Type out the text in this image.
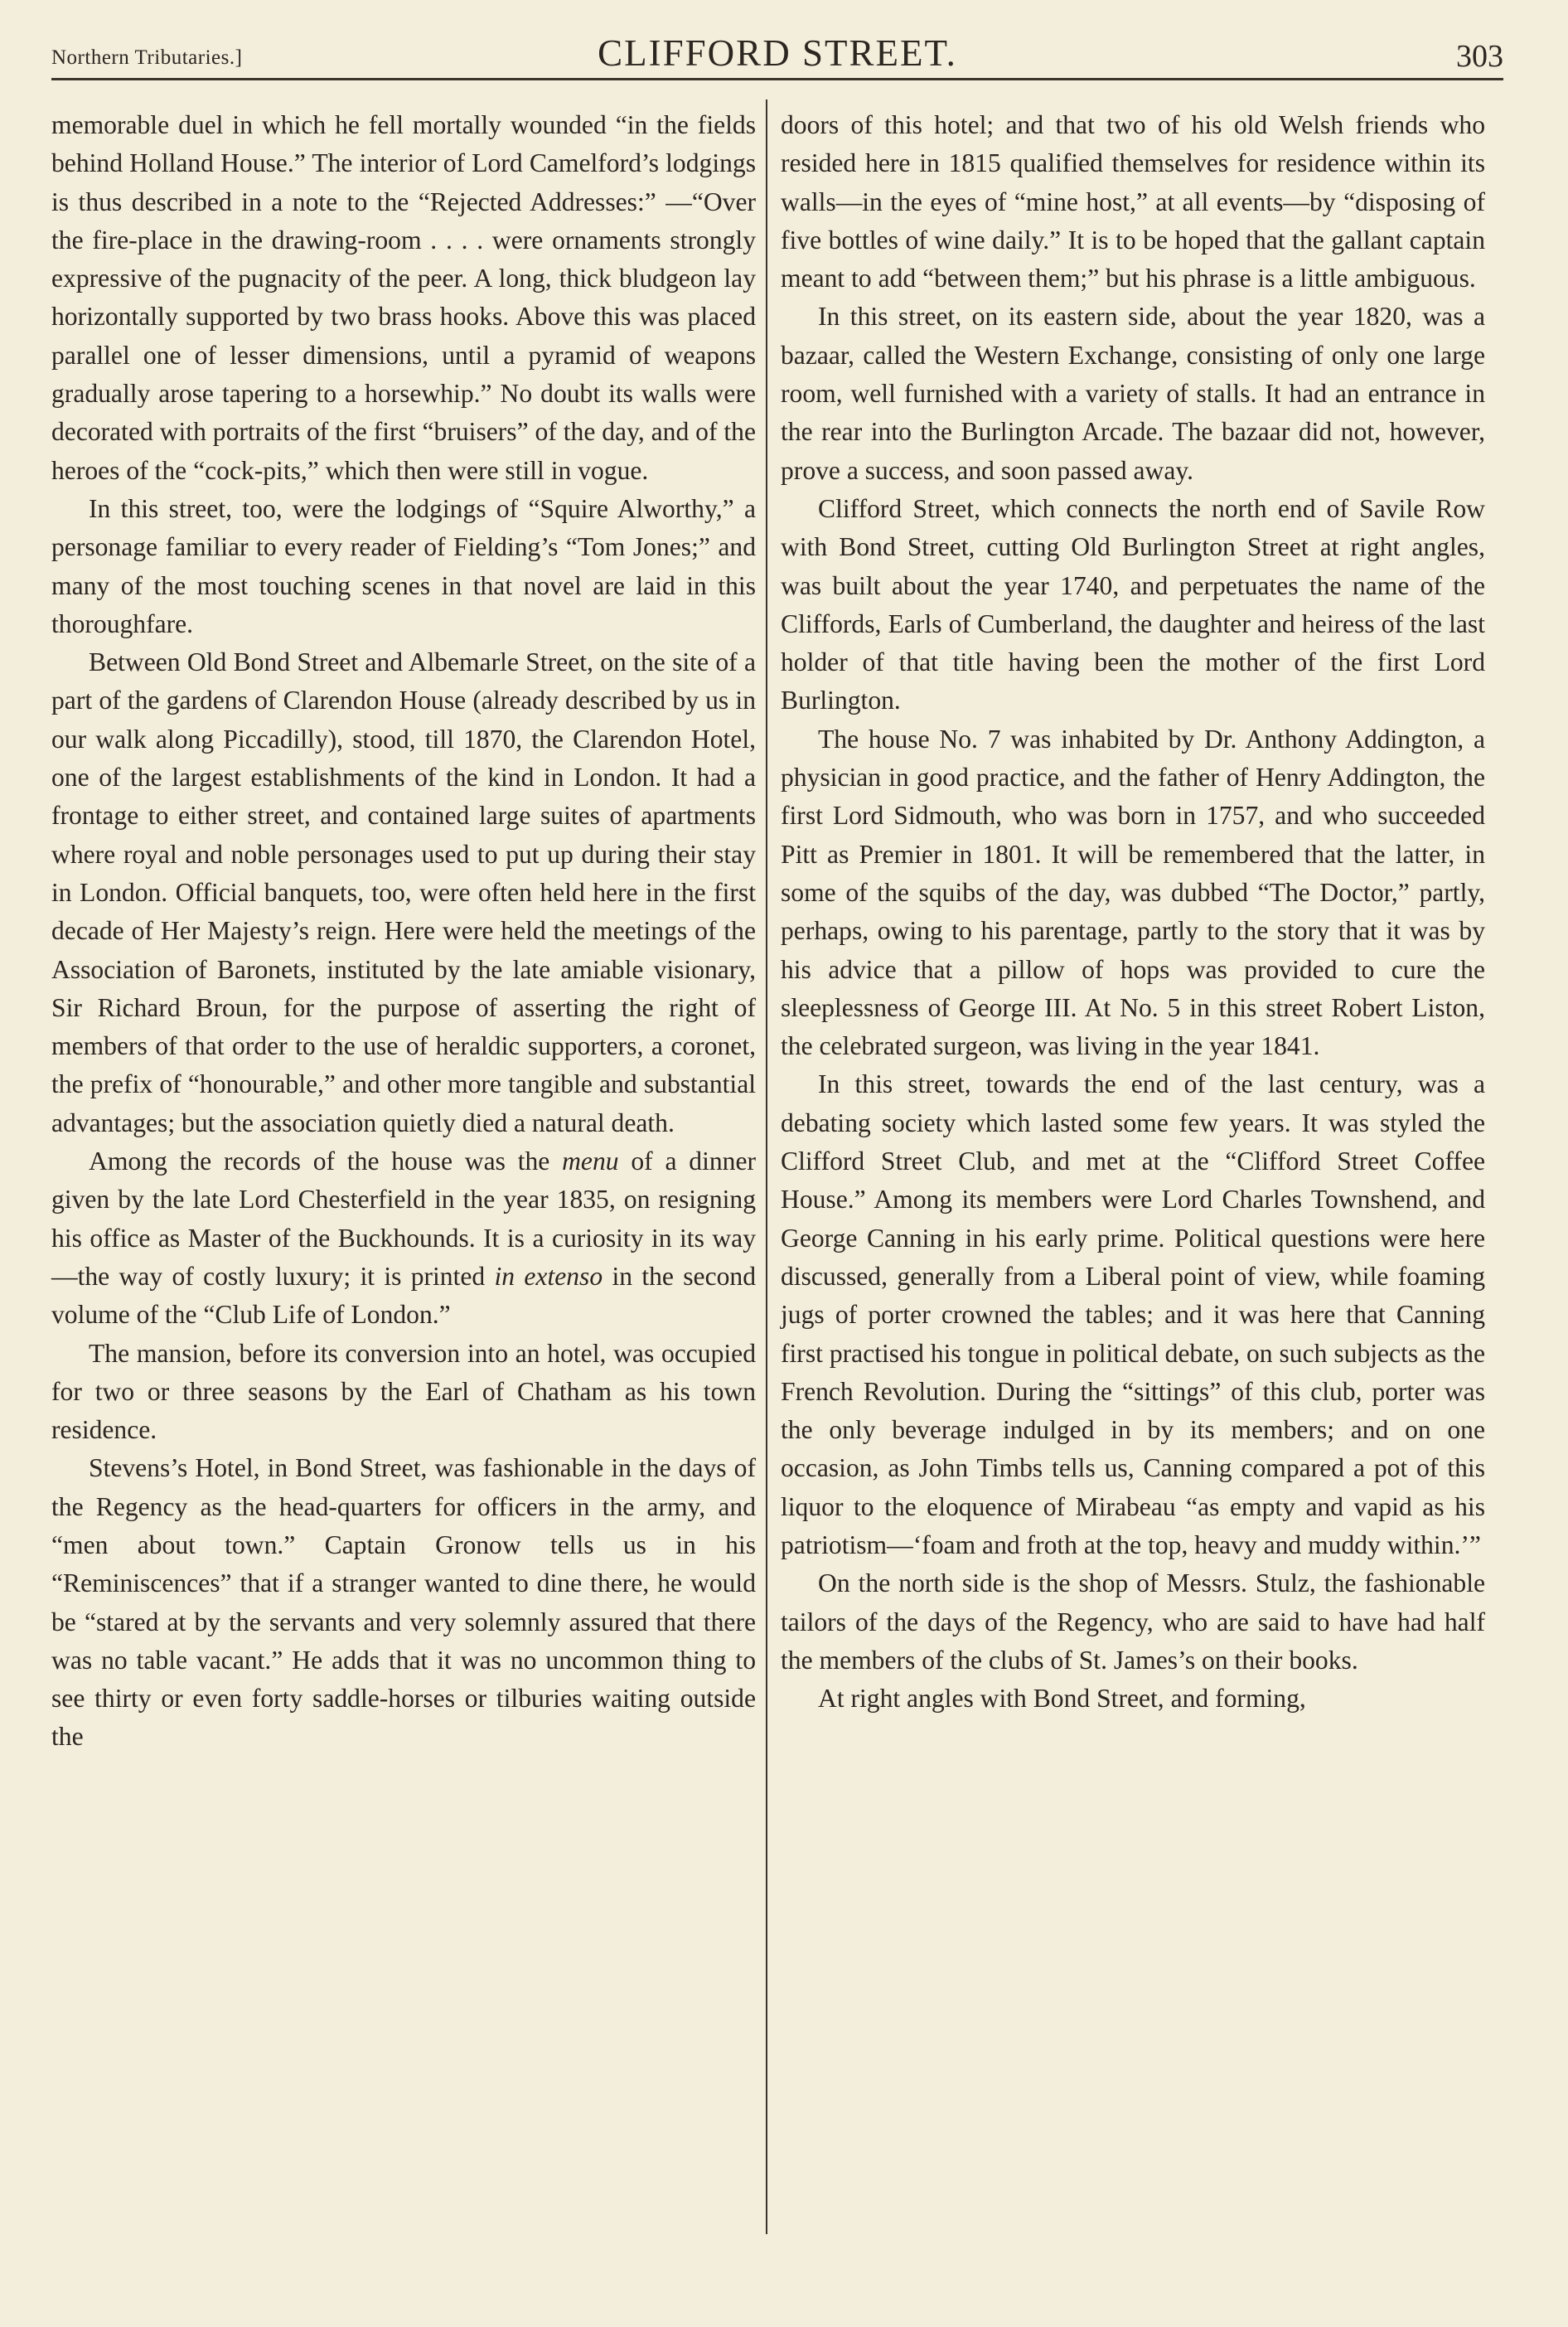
Northern Tributaries.]	CLIFFORD STREET.	303

memorable duel in which he fell mortally wounded “in the fields behind Holland House.” The interior of Lord Camelford’s lodgings is thus described in a note to the “Rejected Addresses:” —“Over the fire-place in the drawing-room . . . . were ornaments strongly expressive of the pugnacity of the peer. A long, thick bludgeon lay horizontally supported by two brass hooks. Above this was placed parallel one of lesser dimensions, until a pyramid of weapons gradually arose tapering to a horsewhip.” No doubt its walls were decorated with portraits of the first “bruisers” of the day, and of the heroes of the “cock-pits,” which then were still in vogue.

In this street, too, were the lodgings of “Squire Alworthy,” a personage familiar to every reader of Fielding’s “Tom Jones;” and many of the most touching scenes in that novel are laid in this thoroughfare.

Between Old Bond Street and Albemarle Street, on the site of a part of the gardens of Clarendon House (already described by us in our walk along Piccadilly), stood, till 1870, the Clarendon Hotel, one of the largest establishments of the kind in London. It had a frontage to either street, and contained large suites of apartments where royal and noble personages used to put up during their stay in London. Official banquets, too, were often held here in the first decade of Her Majesty’s reign. Here were held the meetings of the Association of Baronets, instituted by the late amiable visionary, Sir Richard Broun, for the purpose of asserting the right of members of that order to the use of heraldic supporters, a coronet, the prefix of “honourable,” and other more tangible and substantial advantages; but the association quietly died a natural death.

Among the records of the house was the menu of a dinner given by the late Lord Chesterfield in the year 1835, on resigning his office as Master of the Buckhounds. It is a curiosity in its way—the way of costly luxury; it is printed in extenso in the second volume of the “Club Life of London.”

The mansion, before its conversion into an hotel, was occupied for two or three seasons by the Earl of Chatham as his town residence.

Stevens’s Hotel, in Bond Street, was fashionable in the days of the Regency as the head-quarters for officers in the army, and “men about town.” Captain Gronow tells us in his “Reminiscences” that if a stranger wanted to dine there, he would be “stared at by the servants and very solemnly assured that there was no table vacant.” He adds that it was no uncommon thing to see thirty or even forty saddle-horses or tilburies waiting outside the

doors of this hotel; and that two of his old Welsh friends who resided here in 1815 qualified themselves for residence within its walls—in the eyes of “mine host,” at all events—by “disposing of five bottles of wine daily.” It is to be hoped that the gallant captain meant to add “between them;” but his phrase is a little ambiguous.

In this street, on its eastern side, about the year 1820, was a bazaar, called the Western Exchange, consisting of only one large room, well furnished with a variety of stalls. It had an entrance in the rear into the Burlington Arcade. The bazaar did not, however, prove a success, and soon passed away.

Clifford Street, which connects the north end of Savile Row with Bond Street, cutting Old Burlington Street at right angles, was built about the year 1740, and perpetuates the name of the Cliffords, Earls of Cumberland, the daughter and heiress of the last holder of that title having been the mother of the first Lord Burlington.

The house No. 7 was inhabited by Dr. Anthony Addington, a physician in good practice, and the father of Henry Addington, the first Lord Sidmouth, who was born in 1757, and who succeeded Pitt as Premier in 1801. It will be remembered that the latter, in some of the squibs of the day, was dubbed “The Doctor,” partly, perhaps, owing to his parentage, partly to the story that it was by his advice that a pillow of hops was provided to cure the sleeplessness of George III. At No. 5 in this street Robert Liston, the celebrated surgeon, was living in the year 1841.

In this street, towards the end of the last century, was a debating society which lasted some few years. It was styled the Clifford Street Club, and met at the “Clifford Street Coffee House.” Among its members were Lord Charles Townshend, and George Canning in his early prime. Political questions were here discussed, generally from a Liberal point of view, while foaming jugs of porter crowned the tables; and it was here that Canning first practised his tongue in political debate, on such subjects as the French Revolution. During the “sittings” of this club, porter was the only beverage indulged in by its members; and on one occasion, as John Timbs tells us, Canning compared a pot of this liquor to the eloquence of Mirabeau “as empty and vapid as his patriotism—‘foam and froth at the top, heavy and muddy within.’”

On the north side is the shop of Messrs. Stulz, the fashionable tailors of the days of the Regency, who are said to have had half the members of the clubs of St. James’s on their books.

At right angles with Bond Street, and forming,
